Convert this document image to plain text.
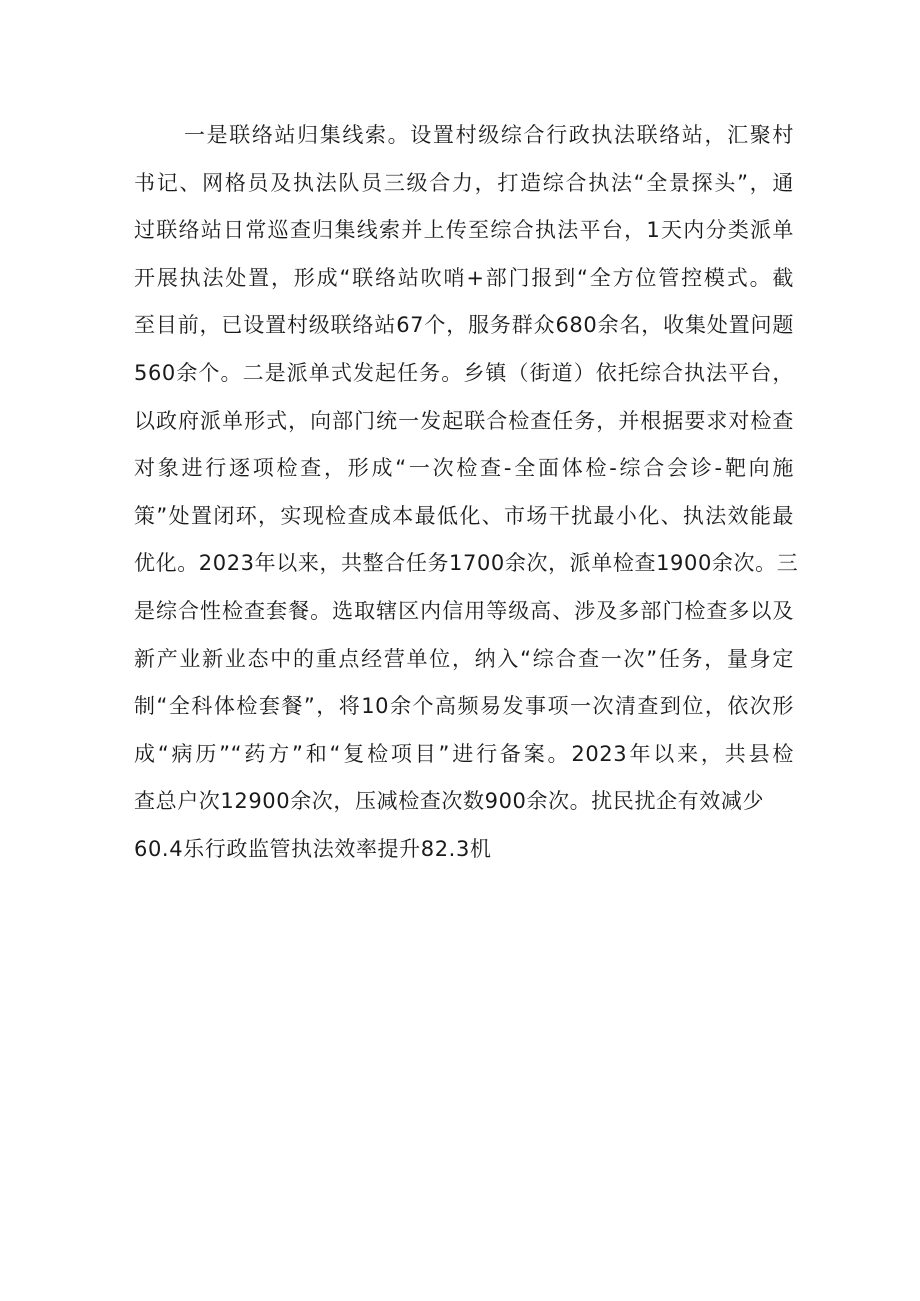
一是联络站归集线索。设置村级综合行政执法联络站，汇聚村
书记、网格员及执法队员三级合力，打造综合执法“全景探头”，通
过联络站日常巡查归集线索并上传至综合执法平台，1天内分类派单
开展执法处置，形成“联络站吹哨+部门报到“全方位管控模式。截
至目前，已设置村级联络站67个，服务群众680余名，收集处置问题
560余个。二是派单式发起任务。乡镇（街道）依托综合执法平台，
以政府派单形式，向部门统一发起联合检查任务，并根据要求对检查
对象进行逐项检查，形成“一次检查-全面体检-综合会诊-靶向施
策”处置闭环，实现检查成本最低化、市场干扰最小化、执法效能最
优化。2023年以来，共整合任务1700余次，派单检查1900余次。三
是综合性检查套餐。选取辖区内信用等级高、涉及多部门检查多以及
新产业新业态中的重点经营单位，纳入“综合查一次”任务，量身定
制“全科体检套餐”，将10余个高频易发事项一次清查到位，依次形
成“病历”“药方”和“复检项目”进行备案。2023年以来，共县检
查总户次12900余次，压减检查次数900余次。扰民扰企有效减少
60.4乐行政监管执法效率提升82.3机
